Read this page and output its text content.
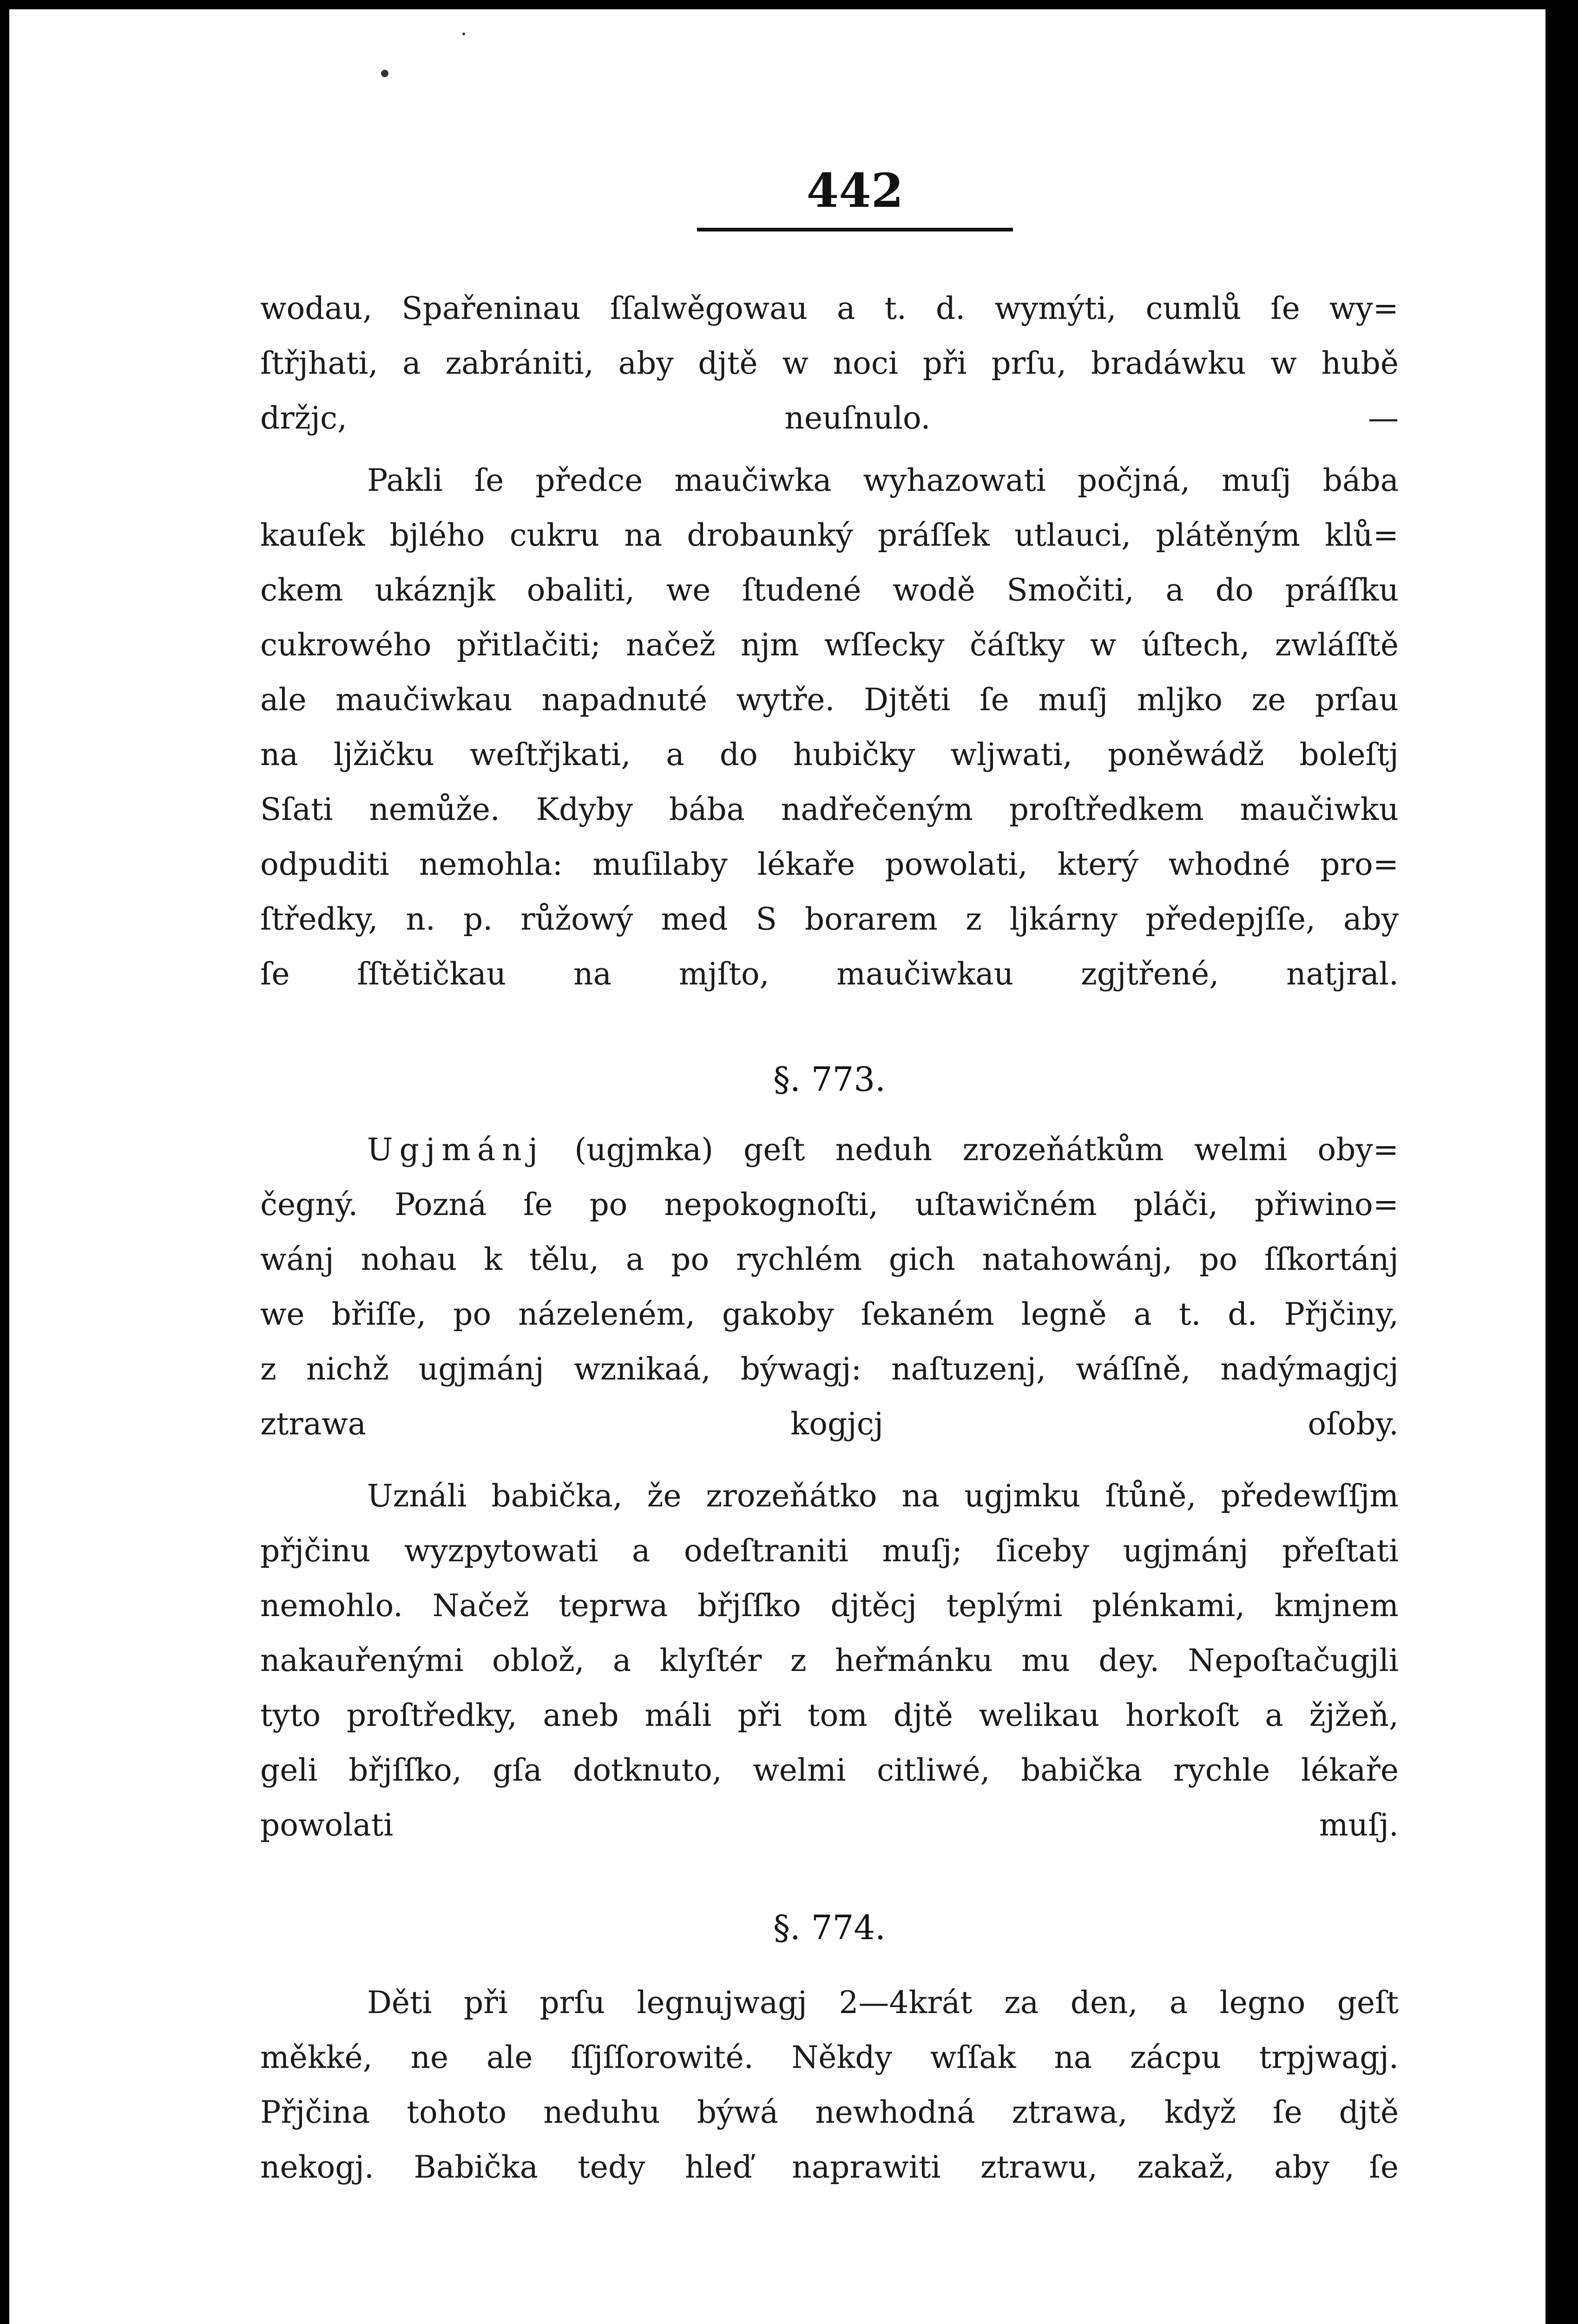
442

wodau, Spařeninau ſſalwěgowau a t. d. wymýti, cumlů ſe wy=
ſtřjhati, a zabrániti, aby djtě w noci při prſu, bradáwku w hubě
držjc, neuſnulo. —

Pakli ſe předce maučiwka wyhazowati počjná, muſj bába
kauſek bjlého cukru na drobaunký práſſek utlauci, plátěným klů=
ckem ukáznjk obaliti, we ſtudené wodě Smočiti, a do práſſku
cukrowého přitlačiti; načež njm wſſecky čáſtky w úſtech, zwláſſtě
ale maučiwkau napadnuté wytře. Djtěti ſe muſj mljko ze prſau
na ljžičku weſtřjkati, a do hubičky wljwati, poněwádž boleſtj
Sſati nemůže. Kdyby bába nadřečeným proſtředkem maučiwku
odpuditi nemohla: muſilaby lékaře powolati, který whodné pro=
ſtředky, n. p. růžowý med S borarem z ljkárny předepjſſe, aby
ſe ſſtětičkau na mjſto, maučiwkau zgjtřené, natjral.

§. 773.

Ugjmánj (ugjmka) geſt neduh zrozeňátkům welmi oby=
čegný. Pozná ſe po nepokognoſti, uſtawičném pláči, přiwino=
wánj nohau k tělu, a po rychlém gich natahowánj, po ſſkortánj
we břiſſe, po názeleném, gakoby ſekaném legně a t. d. Přjčiny,
z nichž ugjmánj wznikaá, býwagj: naſtuzenj, wáſſně, nadýmagjcj
ztrawa kogjcj oſoby.

Uználi babička, že zrozeňátko na ugjmku ſtůně, předewſſjm
přjčinu wyzpytowati a odeſtraniti muſj; ſiceby ugjmánj přeſtati
nemohlo. Načež teprwa břjſſko djtěcj teplými plénkami, kmjnem
nakauřenými oblož, a klyſtér z heřmánku mu dey. Nepoſtačugjli
tyto proſtředky, aneb máli při tom djtě welikau horkoſt a žjžeň,
geli břjſſko, gſa dotknuto, welmi citliwé, babička rychle lékaře
powolati muſj.

§. 774.

Děti při prſu legnujwagj 2—4krát za den, a legno geſt
měkké, ne ale ſſjſſorowité. Někdy wſſak na zácpu trpjwagj.
Přjčina tohoto neduhu býwá newhodná ztrawa, když ſe djtě
nekogj. Babička tedy hleď naprawiti ztrawu, zakaž, aby ſe
